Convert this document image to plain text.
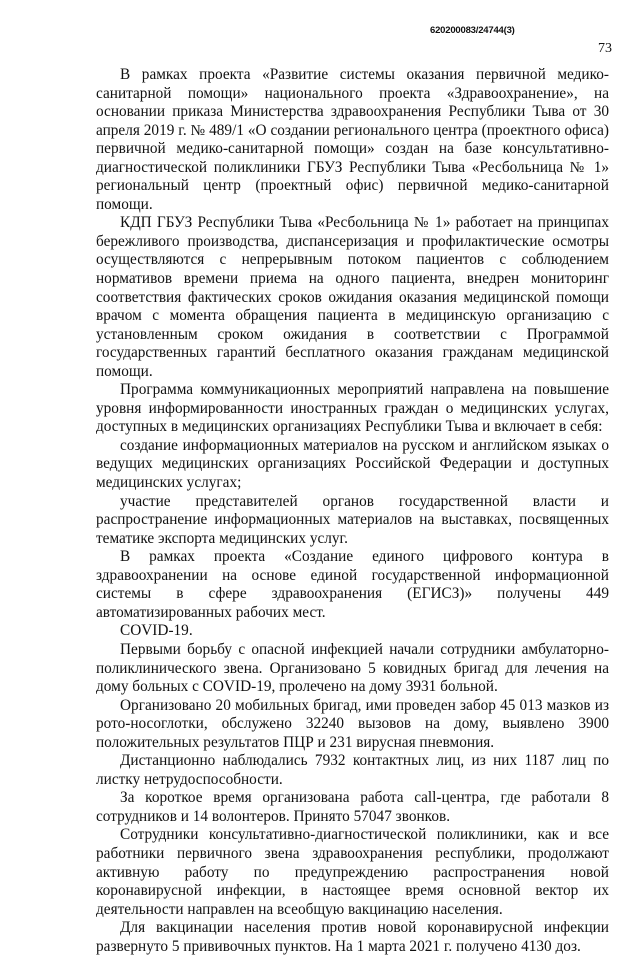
620200083/24744(3)
73

В рамках проекта «Развитие системы оказания первичной медико-санитарной помощи» национального проекта «Здравоохранение», на основании приказа Министерства здравоохранения Республики Тыва от 30 апреля 2019 г. № 489/1 «О создании регионального центра (проектного офиса) первичной медико-санитарной помощи» создан на базе консультативно-диагностической поликлиники ГБУЗ Республики Тыва «Ресбольница № 1» региональный центр (проектный офис) первичной медико-санитарной помощи.

КДП ГБУЗ Республики Тыва «Ресбольница № 1» работает на принципах бережливого производства, диспансеризация и профилактические осмотры осуществляются с непрерывным потоком пациентов с соблюдением нормативов времени приема на одного пациента, внедрен мониторинг соответствия фактических сроков ожидания оказания медицинской помощи врачом с момента обращения пациента в медицинскую организацию с установленным сроком ожидания в соответствии с Программой государственных гарантий бесплатного оказания гражданам медицинской помощи.

Программа коммуникационных мероприятий направлена на повышение уровня информированности иностранных граждан о медицинских услугах, доступных в медицинских организациях Республики Тыва и включает в себя:

создание информационных материалов на русском и английском языках о ведущих медицинских организациях Российской Федерации и доступных медицинских услугах;

участие представителей органов государственной власти и распространение информационных материалов на выставках, посвященных тематике экспорта медицинских услуг.

В рамках проекта «Создание единого цифрового контура в здравоохранении на основе единой государственной информационной системы в сфере здравоохранения (ЕГИСЗ)» получены 449 автоматизированных рабочих мест.

COVID-19.

Первыми борьбу с опасной инфекцией начали сотрудники амбулаторно-поликлинического звена. Организовано 5 ковидных бригад для лечения на дому больных с COVID-19, пролечено на дому 3931 больной.

Организовано 20 мобильных бригад, ими проведен забор 45 013 мазков из рото-носоглотки, обслужено 32240 вызовов на дому, выявлено 3900 положительных результатов ПЦР и 231 вирусная пневмония.

Дистанционно наблюдались 7932 контактных лиц, из них 1187 лиц по листку нетрудоспособности.

За короткое время организована работа call-центра, где работали 8 сотрудников и 14 волонтеров. Принято 57047 звонков.

Сотрудники консультативно-диагностической поликлиники, как и все работники первичного звена здравоохранения республики, продолжают активную работу по предупреждению распространения новой коронавирусной инфекции, в настоящее время основной вектор их деятельности направлен на всеобщую вакцинацию населения.

Для вакцинации населения против новой коронавирусной инфекции развернуто 5 прививочных пунктов. На 1 марта 2021 г. получено 4130 доз.
